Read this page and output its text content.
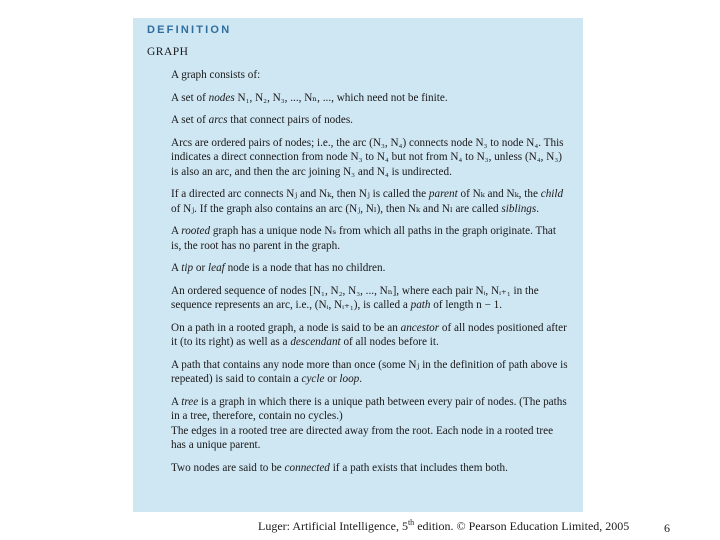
DEFINITION
GRAPH

A graph consists of:

A set of nodes N₁, N₂, N₃, ..., Nₙ, ..., which need not be finite.

A set of arcs that connect pairs of nodes.

Arcs are ordered pairs of nodes; i.e., the arc (N₃, N₄) connects node N₃ to node N₄. This indicates a direct connection from node N₃ to N₄ but not from N₄ to N₃, unless (N₄, N₃) is also an arc, and then the arc joining N₃ and N₄ is undirected.

If a directed arc connects Nⱼ and Nₖ, then Nⱼ is called the parent of Nₖ and Nₖ, the child of Nⱼ. If the graph also contains an arc (Nⱼ, Nₗ), then Nₖ and Nₗ are called siblings.

A rooted graph has a unique node Nₛ from which all paths in the graph originate. That is, the root has no parent in the graph.

A tip or leaf node is a node that has no children.

An ordered sequence of nodes [N₁, N₂, N₃, ..., Nₙ], where each pair Nᵢ, Nᵢ₊₁ in the sequence represents an arc, i.e., (Nᵢ, Nᵢ₊₁), is called a path of length n − 1.

On a path in a rooted graph, a node is said to be an ancestor of all nodes positioned after it (to its right) as well as a descendant of all nodes before it.

A path that contains any node more than once (some Nⱼ in the definition of path above is repeated) is said to contain a cycle or loop.

A tree is a graph in which there is a unique path between every pair of nodes. (The paths in a tree, therefore, contain no cycles.)

The edges in a rooted tree are directed away from the root. Each node in a rooted tree has a unique parent.

Two nodes are said to be connected if a path exists that includes them both.

Luger: Artificial Intelligence, 5th edition. © Pearson Education Limited, 2005	6
